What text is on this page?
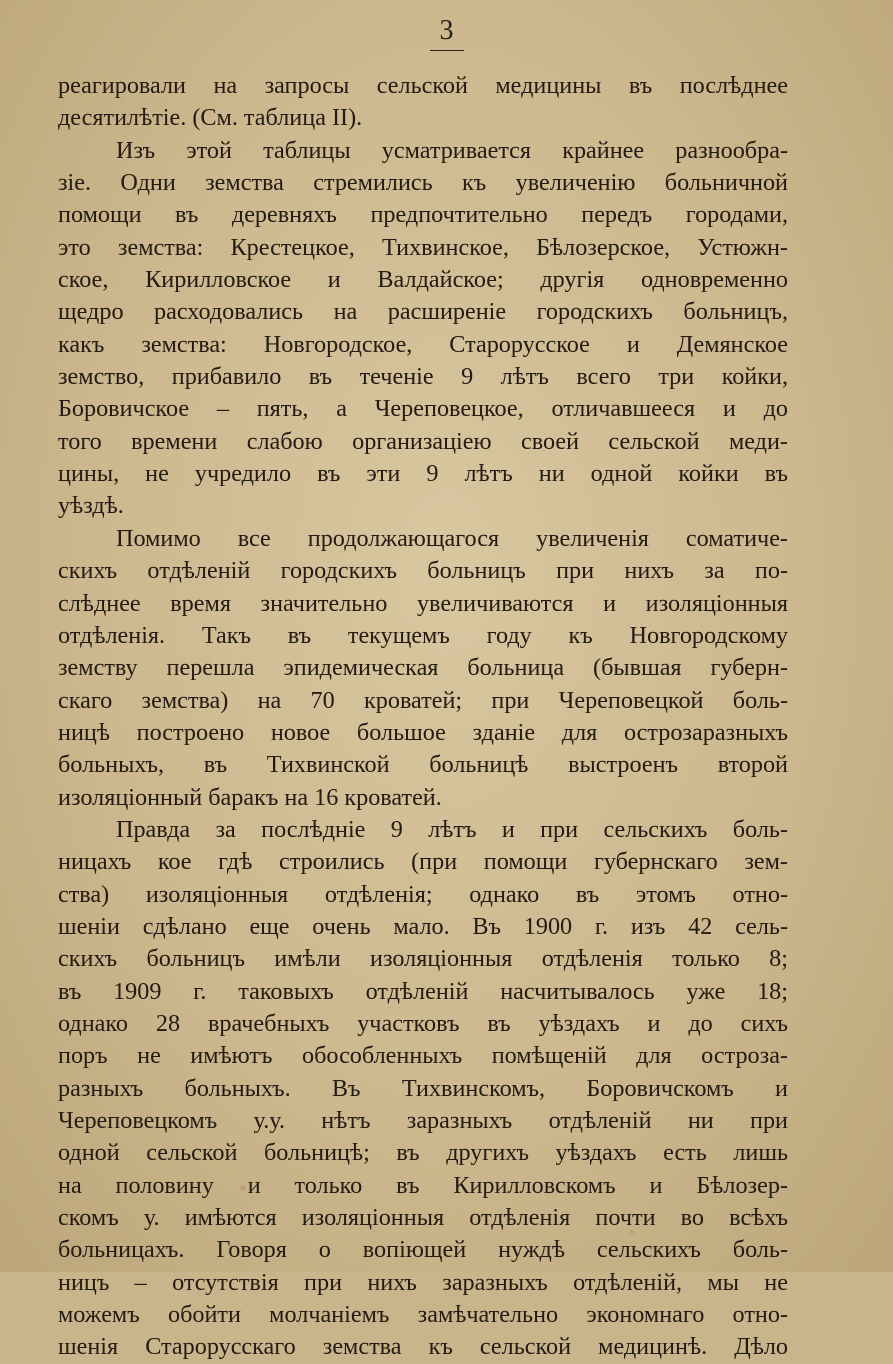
3
реагировали на запросы сельской медицины въ послѣднее
десятилѣтіе. (См. таблица II).
Изъ этой таблицы усматривается крайнее разнообра-
зіе. Одни земства стремились къ увеличенію больничной
помощи въ деревняхъ предпочтительно передъ городами,
это земства: Крестецкое, Тихвинское, Бѣлозерское, Устюжн-
ское, Кирилловское и Валдайское; другія одновременно
щедро расходовались на расширеніе городскихъ больницъ,
какъ земства: Новгородское, Старорусское и Демянское
земство, прибавило въ теченіе 9 лѣтъ всего три койки,
Боровичское – пять, а Череповецкое, отличавшееся и до
того времени слабою организаціею своей сельской меди-
цины, не учредило въ эти 9 лѣтъ ни одной койки въ
уѣздѣ.
Помимо все продолжающагося увеличенія соматиче-
скихъ отдѣленій городскихъ больницъ при нихъ за по-
слѣднее время значительно увеличиваются и изоляціонныя
отдѣленія. Такъ въ текущемъ году къ Новгородскому
земству перешла эпидемическая больница (бывшая губерн-
скаго земства) на 70 кроватей; при Череповецкой боль-
ницѣ построено новое большое зданіе для острозаразныхъ
больныхъ, въ Тихвинской больницѣ выстроенъ второй
изоляціонный баракъ на 16 кроватей.
Правда за послѣдніе 9 лѣтъ и при сельскихъ боль-
ницахъ кое гдѣ строились (при помощи губернскаго зем-
ства) изоляціонныя отдѣленія; однако въ этомъ отно-
шеніи сдѣлано еще очень мало. Въ 1900 г. изъ 42 сель-
скихъ больницъ имѣли изоляціонныя отдѣленія только 8;
въ 1909 г. таковыхъ отдѣленій насчитывалось уже 18;
однако 28 врачебныхъ участковъ въ уѣздахъ и до сихъ
поръ не имѣютъ обособленныхъ помѣщеній для остроза-
разныхъ больныхъ. Въ Тихвинскомъ, Боровичскомъ и
Череповецкомъ у.у. нѣтъ заразныхъ отдѣленій ни при
одной сельской больницѣ; въ другихъ уѣздахъ есть лишь
на половину и только въ Кирилловскомъ и Бѣлозер-
скомъ у. имѣются изоляціонныя отдѣленія почти во всѣхъ
больницахъ. Говоря о вопіющей нуждѣ сельскихъ боль-
ницъ – отсутствія при нихъ заразныхъ отдѣленій, мы не
можемъ обойти молчаніемъ замѣчательно экономнаго отно-
шенія Старорусскаго земства къ сельской медицинѣ. Дѣло
